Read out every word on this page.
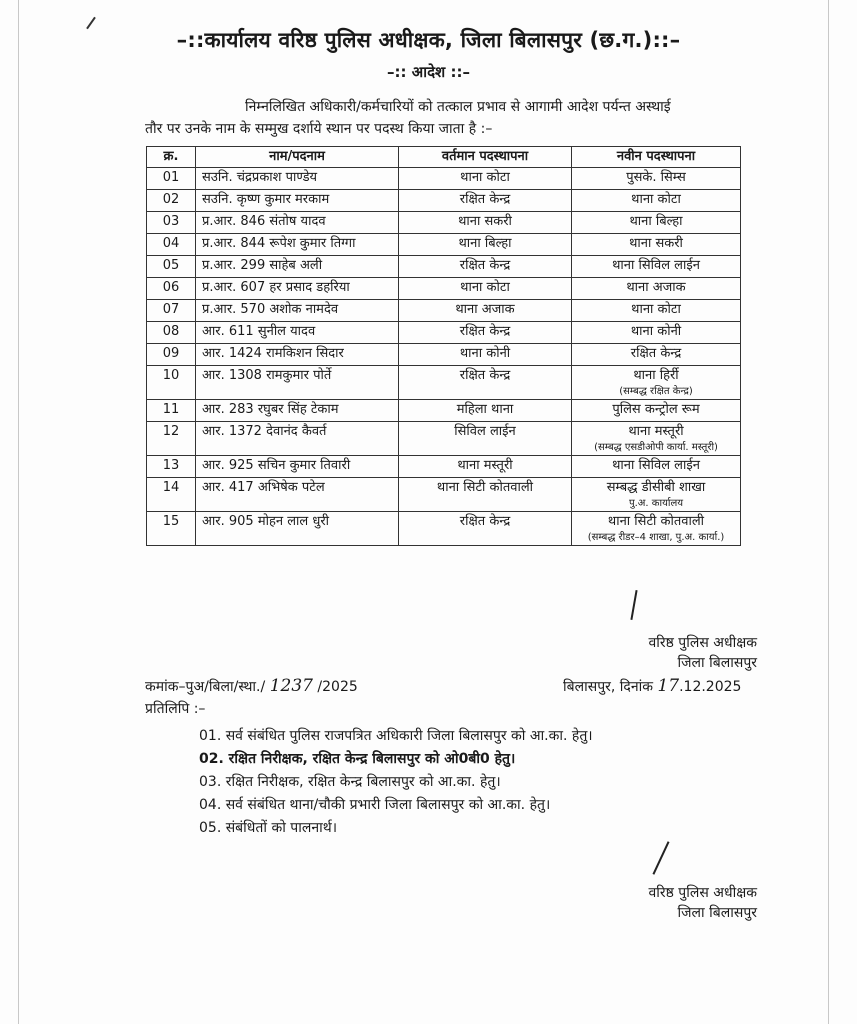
–::कार्यालय वरिष्ठ पुलिस अधीक्षक, जिला बिलासपुर (छ.ग.)::–
–:: आदेश ::–
निम्नलिखित अधिकारी/कर्मचारियों को तत्काल प्रभाव से आगामी आदेश पर्यन्त अस्थाई
तौर पर उनके नाम के सम्मुख दर्शाये स्थान पर पदस्थ किया जाता है :–
क्र.	नाम/पदनाम	वर्तमान पदस्थापना	नवीन पदस्थापना
01	सउनि. चंद्रप्रकाश पाण्डेय	थाना कोटा	पुसके. सिम्स
02	सउनि. कृष्ण कुमार मरकाम	रक्षित केन्द्र	थाना कोटा
03	प्र.आर. 846 संतोष यादव	थाना सकरी	थाना बिल्हा
04	प्र.आर. 844 रूपेश कुमार तिग्गा	थाना बिल्हा	थाना सकरी
05	प्र.आर. 299 साहेब अली	रक्षित केन्द्र	थाना सिविल लाईन
06	प्र.आर. 607 हर प्रसाद डहरिया	थाना कोटा	थाना अजाक
07	प्र.आर. 570 अशोक नामदेव	थाना अजाक	थाना कोटा
08	आर. 611 सुनील यादव	रक्षित केन्द्र	थाना कोनी
09	आर. 1424 रामकिशन सिदार	थाना कोनी	रक्षित केन्द्र
10	आर. 1308 रामकुमार पोर्ते	रक्षित केन्द्र	थाना हिर्री
(सम्बद्ध रक्षित केन्द्र)

11	आर. 283 रघुबर सिंह टेकाम	महिला थाना	पुलिस कन्ट्रोल रूम
12	आर. 1372 देवानंद कैवर्त	सिविल लाईन	थाना मस्तूरी
(सम्बद्ध एसडीओपी कार्या. मस्तूरी)

13	आर. 925 सचिन कुमार तिवारी	थाना मस्तूरी	थाना सिविल लाईन
14	आर. 417 अभिषेक पटेल	थाना सिटी कोतवाली	सम्बद्ध डीसीबी शाखा
पु.अ. कार्यालय

15	आर. 905 मोहन लाल धुरी	रक्षित केन्द्र	थाना सिटी कोतवाली
(सम्बद्ध रीडर–4 शाखा, पु.अ. कार्या.)
वरिष्ठ पुलिस अधीक्षक
जिला बिलासपुर
कमांक–पुअ/बिला/स्था./ 1237 /2025	बिलासपुर, दिनांक 17.12.2025
प्रतिलिपि :–
01. सर्व संबंधित पुलिस राजपत्रित अधिकारी जिला बिलासपुर को आ.का. हेतु।
02. रक्षित निरीक्षक, रक्षित केन्द्र बिलासपुर को ओ0बी0 हेतु।
03. रक्षित निरीक्षक, रक्षित केन्द्र बिलासपुर को आ.का. हेतु।
04. सर्व संबंधित थाना/चौकी प्रभारी जिला बिलासपुर को आ.का. हेतु।
05. संबंधितों को पालनार्थ।
वरिष्ठ पुलिस अधीक्षक
जिला बिलासपुर
